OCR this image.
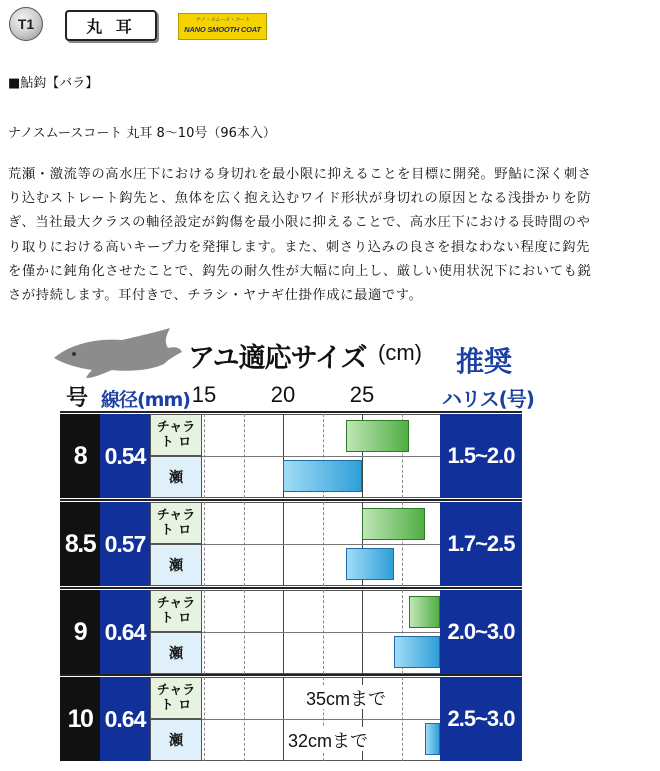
T1	丸 耳	ナノ・スムース・コート
NANO SMOOTH COAT
■鮎鈎【バラ】
ナノスムースコート 丸耳 8～10号（96本入）
荒瀬・激流等の高水圧下における身切れを最小限に抑えることを目標に開発。野鮎に深く刺さ
り込むストレート鈎先と、魚体を広く抱え込むワイド形状が身切れの原因となる浅掛かりを防
ぎ、当社最大クラスの軸径設定が鈎傷を最小限に抑えることで、高水圧下における長時間のや
り取りにおける高いキープ力を発揮します。また、刺さり込みの良さを損なわない程度に鈎先
を僅かに鈍角化させたことで、鈎先の耐久性が大幅に向上し、厳しい使用状況下においても鋭
さが持続します。耳付きで、チラシ・ヤナギ仕掛作成に最適です。
アユ適応サイズ (cm) 推奨
ハリス(号)
号 線径(mm) 15 20 25
8 0.54
チャラ
ト ロ
瀬
1.5~2.0
8.5 0.57
チャラ
ト ロ
瀬
1.7~2.5
9 0.64
チャラ
ト ロ
瀬
2.0~3.0
10 0.64
チャラ
ト ロ
瀬
2.5~3.0
35cmまで
32cmまで
